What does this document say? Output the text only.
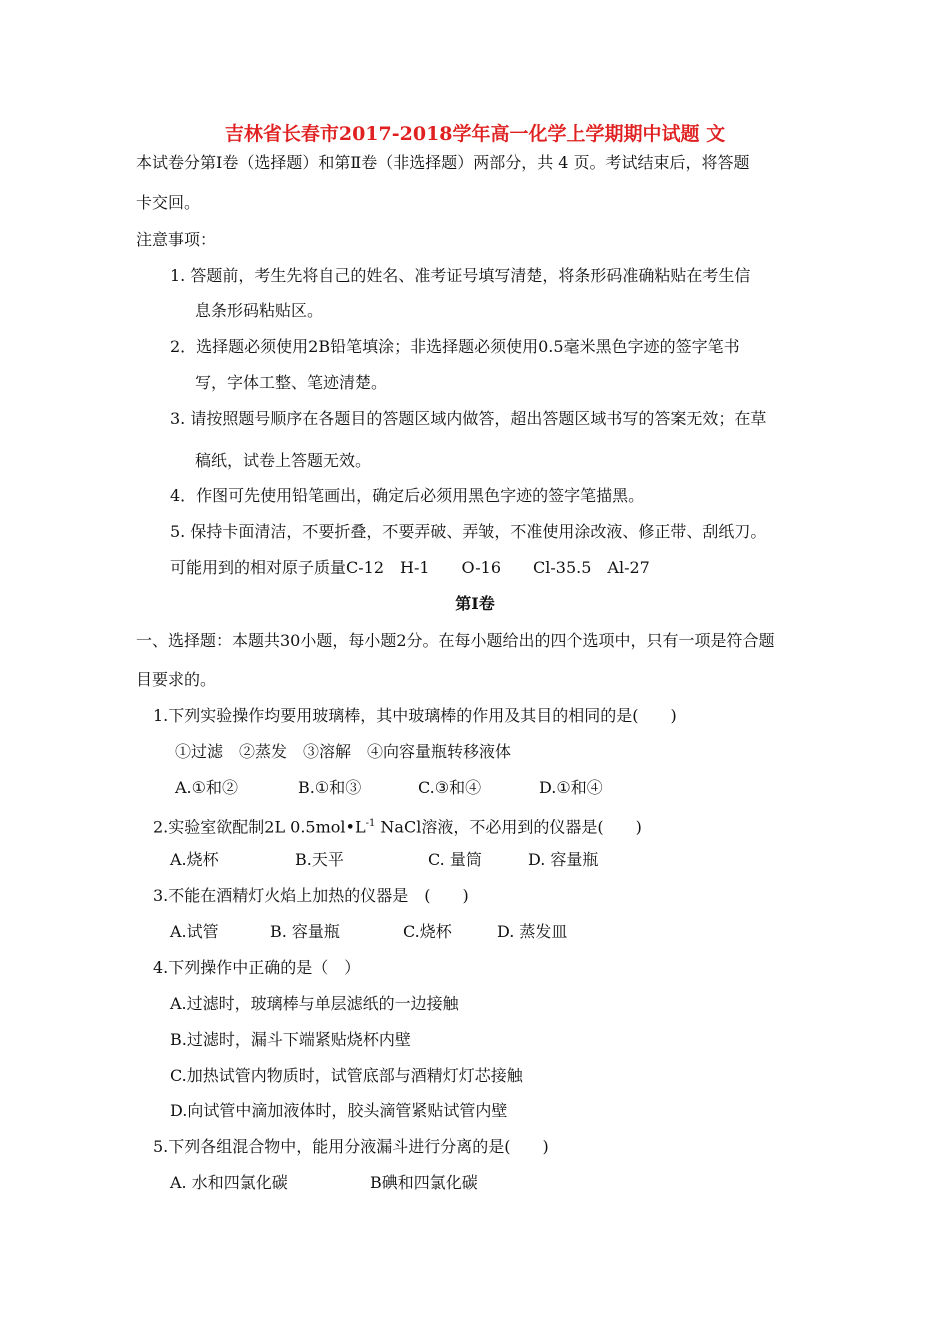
吉林省长春市2017-2018学年高一化学上学期期中试题 文
本试卷分第Ⅰ卷（选择题）和第Ⅱ卷（非选择题）两部分，共 4 页。考试结束后，将答题
卡交回。
注意事项：
1. 答题前，考生先将自己的姓名、准考证号填写清楚，将条形码准确粘贴在考生信
息条形码粘贴区。
2．选择题必须使用2B铅笔填涂；非选择题必须使用0.5毫米黑色字迹的签字笔书
写，字体工整、笔迹清楚。
3. 请按照题号顺序在各题目的答题区域内做答，超出答题区域书写的答案无效；在草
稿纸，试卷上答题无效。
4．作图可先使用铅笔画出，确定后必须用黑色字迹的签字笔描黑。
5. 保持卡面清洁，不要折叠，不要弄破、弄皱，不准使用涂改液、修正带、刮纸刀。
可能用到的相对原子质量C-12　H-1　　O-16　　Cl-35.5　Al-27
第Ⅰ卷
一、选择题：本题共30小题，每小题2分。在每小题给出的四个选项中，只有一项是符合题
目要求的。
1.下列实验操作均要用玻璃棒，其中玻璃棒的作用及其目的相同的是(　　)
①过滤　②蒸发　③溶解　④向容量瓶转移液体
A.①和②	B.①和③	C.③和④	D.①和④
2.实验室欲配制2L $0.5mol•L^{-1}$ NaCl溶液，不必用到的仪器是(　　)
A.烧杯	B.天平	C. 量筒	D. 容量瓶
3.不能在酒精灯火焰上加热的仪器是　(　　)
A.试管	B. 容量瓶	C.烧杯	D. 蒸发皿
4.下列操作中正确的是（　）
A.过滤时，玻璃棒与单层滤纸的一边接触
B.过滤时，漏斗下端紧贴烧杯内壁
C.加热试管内物质时，试管底部与酒精灯灯芯接触
D.向试管中滴加液体时，胶头滴管紧贴试管内壁
5.下列各组混合物中，能用分液漏斗进行分离的是(　　)
A. 水和四氯化碳	B碘和四氯化碳
